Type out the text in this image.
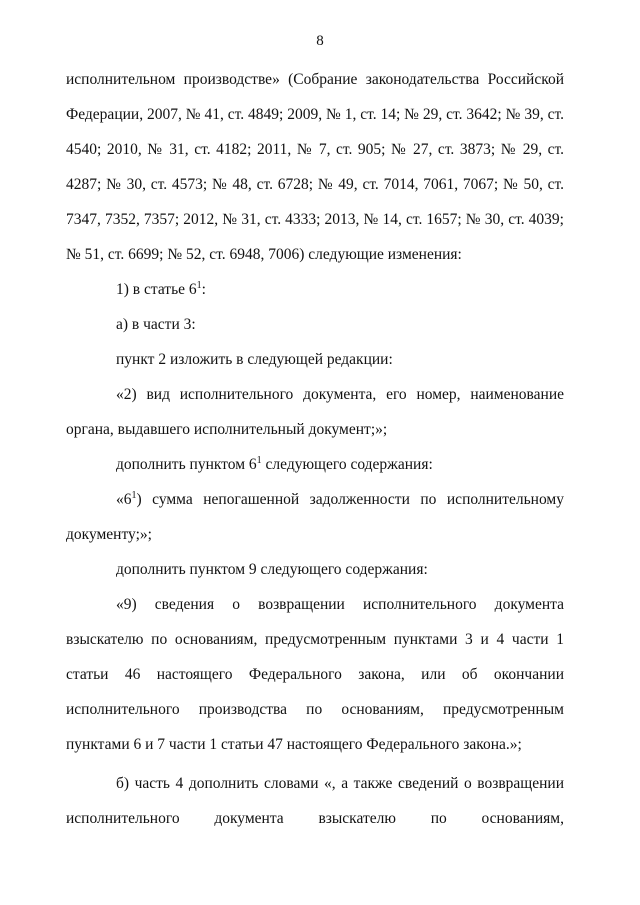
8

исполнительном производстве» (Собрание законодательства Российской Федерации, 2007, № 41, ст. 4849; 2009, № 1, ст. 14; № 29, ст. 3642; № 39, ст. 4540; 2010, № 31, ст. 4182; 2011, № 7, ст. 905; № 27, ст. 3873; № 29, ст. 4287; № 30, ст. 4573; № 48, ст. 6728; № 49, ст. 7014, 7061, 7067; № 50, ст. 7347, 7352, 7357; 2012, № 31, ст. 4333; 2013, № 14, ст. 1657; № 30, ст. 4039; № 51, ст. 6699; № 52, ст. 6948, 7006) следующие изменения:

1) в статье $6^1$:

а) в части 3:

пункт 2 изложить в следующей редакции:

«2) вид исполнительного документа, его номер, наименование органа, выдавшего исполнительный документ;»;

дополнить пунктом $6^1$ следующего содержания:

«$6^1$) сумма непогашенной задолженности по исполнительному документу;»;

дополнить пунктом 9 следующего содержания:

«9) сведения о возвращении исполнительного документа взыскателю по основаниям, предусмотренным пунктами 3 и 4 части 1 статьи 46 настоящего Федерального закона, или об окончании исполнительного производства по основаниям, предусмотренным пунктами 6 и 7 части 1 статьи 47 настоящего Федерального закона.»;

б) часть 4 дополнить словами «, а также сведений о возвращении исполнительного документа взыскателю по основаниям,
